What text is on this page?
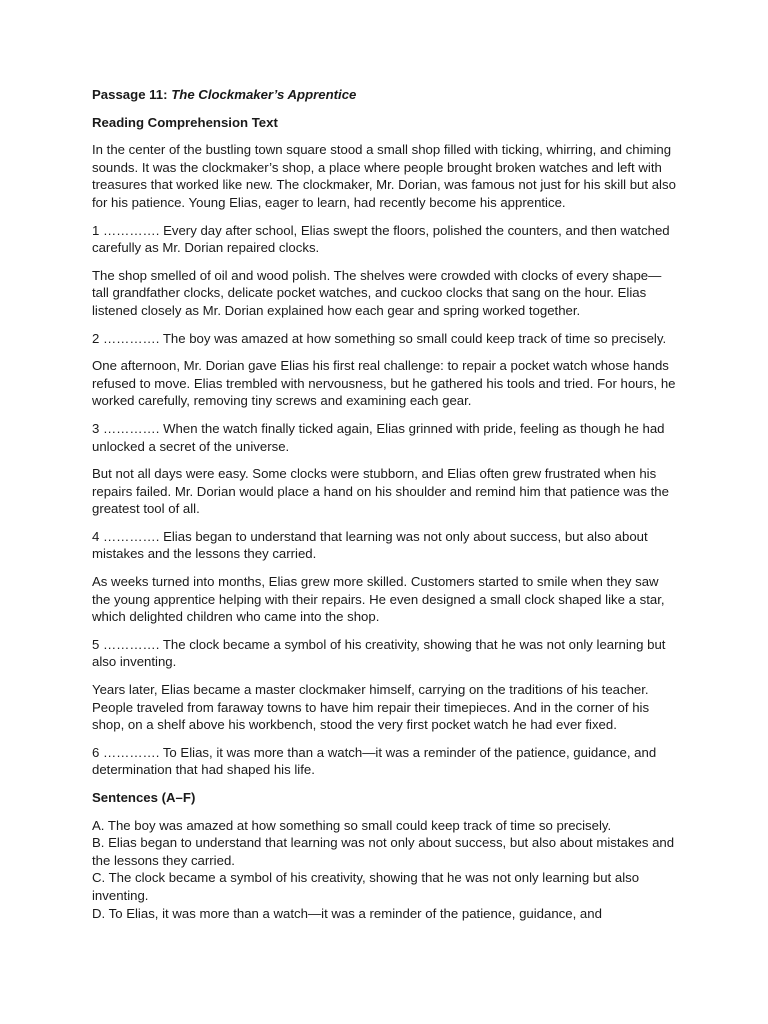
Passage 11: The Clockmaker’s Apprentice
Reading Comprehension Text

In the center of the bustling town square stood a small shop filled with ticking, whirring, and chiming sounds. It was the clockmaker’s shop, a place where people brought broken watches and left with treasures that worked like new. The clockmaker, Mr. Dorian, was famous not just for his skill but also for his patience. Young Elias, eager to learn, had recently become his apprentice.

1 …………. Every day after school, Elias swept the floors, polished the counters, and then watched carefully as Mr. Dorian repaired clocks.

The shop smelled of oil and wood polish. The shelves were crowded with clocks of every shape—tall grandfather clocks, delicate pocket watches, and cuckoo clocks that sang on the hour. Elias listened closely as Mr. Dorian explained how each gear and spring worked together.

2 …………. The boy was amazed at how something so small could keep track of time so precisely.

One afternoon, Mr. Dorian gave Elias his first real challenge: to repair a pocket watch whose hands refused to move. Elias trembled with nervousness, but he gathered his tools and tried. For hours, he worked carefully, removing tiny screws and examining each gear.

3 …………. When the watch finally ticked again, Elias grinned with pride, feeling as though he had unlocked a secret of the universe.

But not all days were easy. Some clocks were stubborn, and Elias often grew frustrated when his repairs failed. Mr. Dorian would place a hand on his shoulder and remind him that patience was the greatest tool of all.

4 …………. Elias began to understand that learning was not only about success, but also about mistakes and the lessons they carried.

As weeks turned into months, Elias grew more skilled. Customers started to smile when they saw the young apprentice helping with their repairs. He even designed a small clock shaped like a star, which delighted children who came into the shop.

5 …………. The clock became a symbol of his creativity, showing that he was not only learning but also inventing.

Years later, Elias became a master clockmaker himself, carrying on the traditions of his teacher. People traveled from faraway towns to have him repair their timepieces. And in the corner of his shop, on a shelf above his workbench, stood the very first pocket watch he had ever fixed.

6 …………. To Elias, it was more than a watch—it was a reminder of the patience, guidance, and determination that had shaped his life.

Sentences (A–F)

A. The boy was amazed at how something so small could keep track of time so precisely.

B. Elias began to understand that learning was not only about success, but also about mistakes and the lessons they carried.

C. The clock became a symbol of his creativity, showing that he was not only learning but also inventing.

D. To Elias, it was more than a watch—it was a reminder of the patience, guidance, and
